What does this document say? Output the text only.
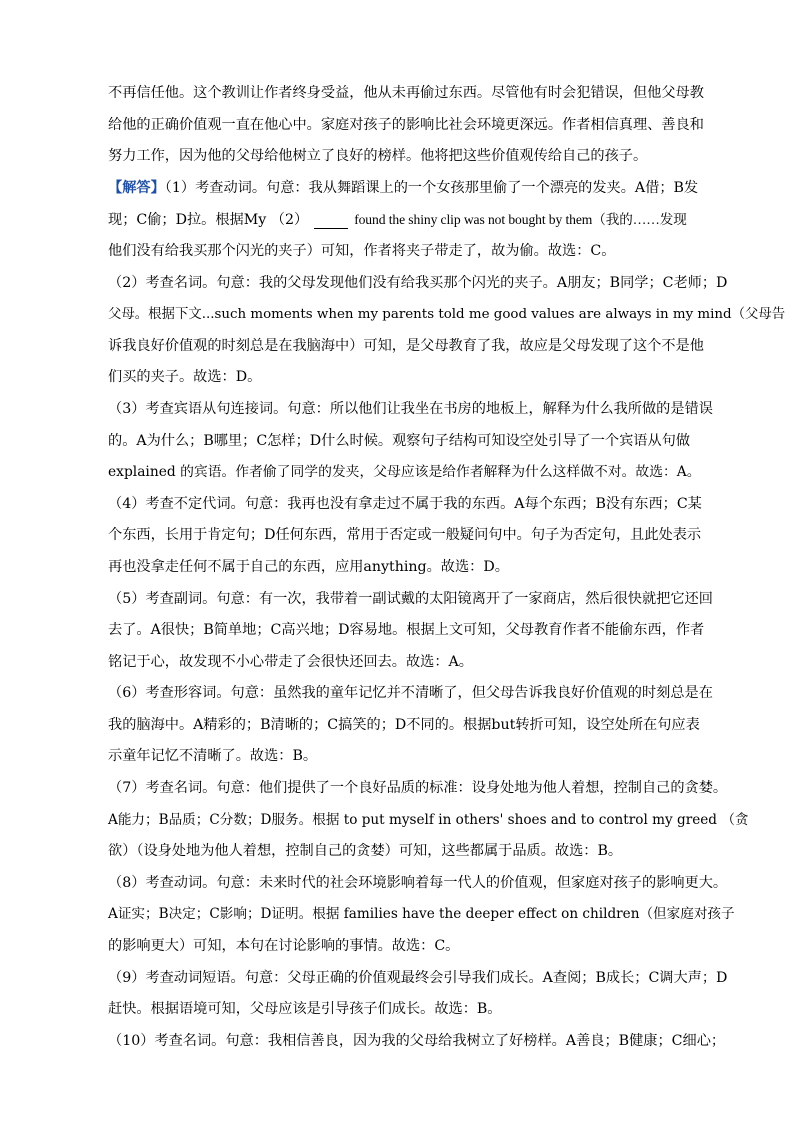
不再信任他。这个教训让作者终身受益，他从未再偷过东西。尽管他有时会犯错误，但他父母教
给他的正确价值观一直在他心中。家庭对孩子的影响比社会环境更深远。作者相信真理、善良和
努力工作，因为他的父母给他树立了良好的榜样。他将把这些价值观传给自己的孩子。
【解答】（1）考查动词。句意：我从舞蹈课上的一个女孩那里偷了一个漂亮的发夹。A借；B发
现；C偷；D拉。根据My （2）	found the shiny clip was not bought by them（我的……发现
他们没有给我买那个闪光的夹子）可知，作者将夹子带走了，故为偷。故选：C。
（2）考查名词。句意：我的父母发现他们没有给我买那个闪光的夹子。A朋友；B同学；C老师；D
父母。根据下文...such moments when my parents told me good values are always in my mind（父母告
诉我良好价值观的时刻总是在我脑海中）可知，是父母教育了我，故应是父母发现了这个不是他
们买的夹子。故选：D。
（3）考查宾语从句连接词。句意：所以他们让我坐在书房的地板上，解释为什么我所做的是错误
的。A为什么；B哪里；C怎样；D什么时候。观察句子结构可知设空处引导了一个宾语从句做
explained 的宾语。作者偷了同学的发夹，父母应该是给作者解释为什么这样做不对。故选：A。
（4）考查不定代词。句意：我再也没有拿走过不属于我的东西。A每个东西；B没有东西；C某
个东西，长用于肯定句；D任何东西，常用于否定或一般疑问句中。句子为否定句，且此处表示
再也没拿走任何不属于自己的东西，应用anything。故选：D。
（5）考查副词。句意：有一次，我带着一副试戴的太阳镜离开了一家商店，然后很快就把它还回
去了。A很快；B简单地；C高兴地；D容易地。根据上文可知，父母教育作者不能偷东西，作者
铭记于心，故发现不小心带走了会很快还回去。故选：A。
（6）考查形容词。句意：虽然我的童年记忆并不清晰了，但父母告诉我良好价值观的时刻总是在
我的脑海中。A精彩的；B清晰的；C搞笑的；D不同的。根据but转折可知，设空处所在句应表
示童年记忆不清晰了。故选：B。
（7）考查名词。句意：他们提供了一个良好品质的标准：设身处地为他人着想，控制自己的贪婪。
A能力；B品质；C分数；D服务。根据 to put myself in others' shoes and to control my greed （贪
欲）（设身处地为他人着想，控制自己的贪婪）可知，这些都属于品质。故选：B。
（8）考查动词。句意：未来时代的社会环境影响着每一代人的价值观，但家庭对孩子的影响更大。
A证实；B决定；C影响；D证明。根据 families have the deeper effect on children（但家庭对孩子
的影响更大）可知，本句在讨论影响的事情。故选：C。
（9）考查动词短语。句意：父母正确的价值观最终会引导我们成长。A查阅；B成长；C调大声；D
赶快。根据语境可知，父母应该是引导孩子们成长。故选：B。
（10）考查名词。句意：我相信善良，因为我的父母给我树立了好榜样。A善良；B健康；C细心；
